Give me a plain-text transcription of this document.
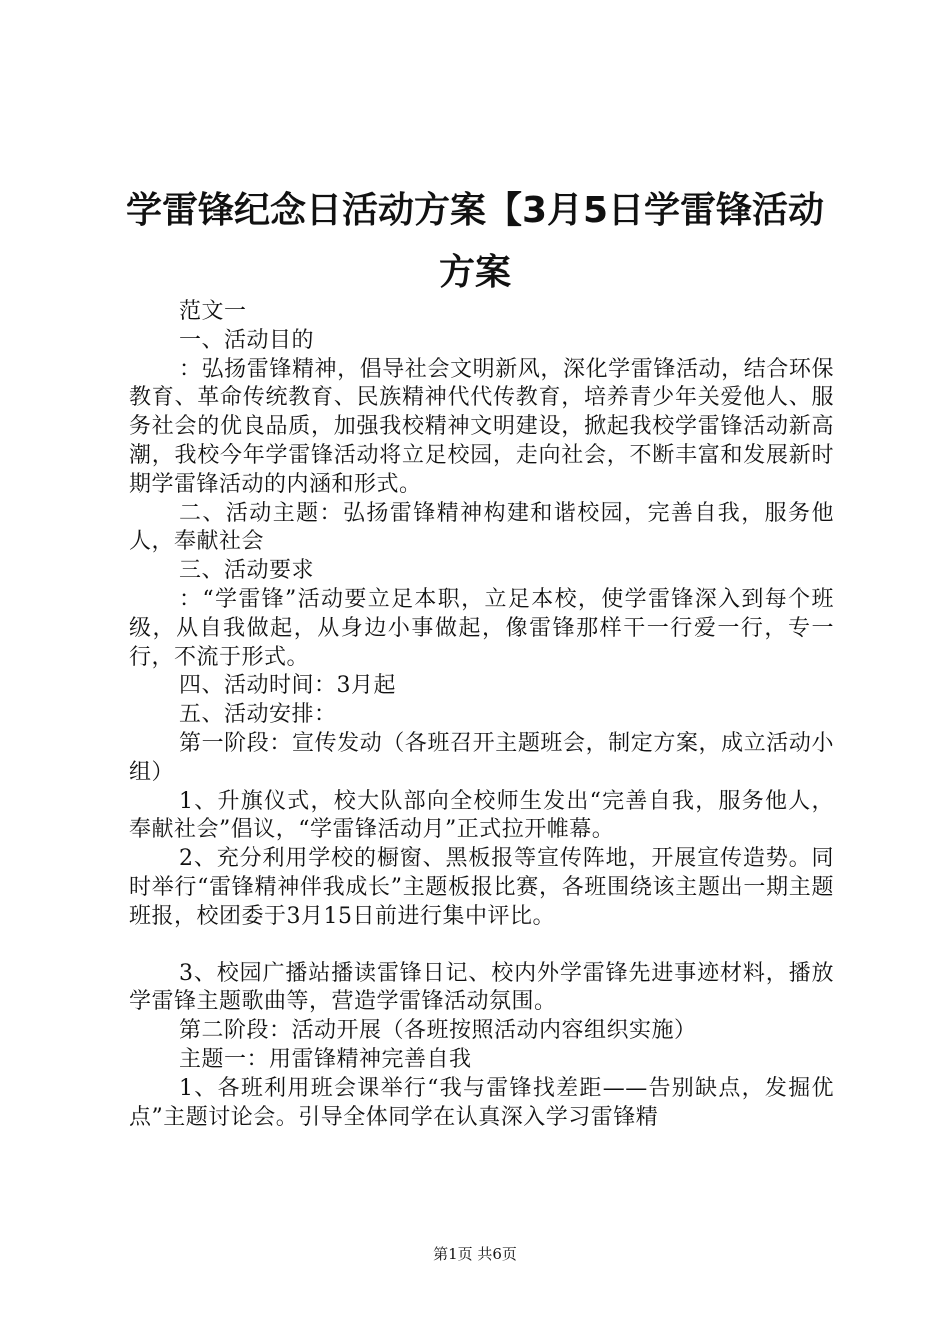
学雷锋纪念日活动方案【3月5日学雷锋活动
方案

范文一

一、活动目的

：弘扬雷锋精神，倡导社会文明新风，深化学雷锋活动，结合环保教育、革命传统教育、民族精神代代传教育，培养青少年关爱他人、服务社会的优良品质，加强我校精神文明建设，掀起我校学雷锋活动新高潮，我校今年学雷锋活动将立足校园，走向社会，不断丰富和发展新时期学雷锋活动的内涵和形式。

二、活动主题：弘扬雷锋精神构建和谐校园，完善自我，服务他人，奉献社会

三、活动要求

：“学雷锋”活动要立足本职，立足本校，使学雷锋深入到每个班级，从自我做起，从身边小事做起，像雷锋那样干一行爱一行，专一行，不流于形式。

四、活动时间：3月起

五、活动安排：

第一阶段：宣传发动（各班召开主题班会，制定方案，成立活动小组）

1、升旗仪式，校大队部向全校师生发出“完善自我，服务他人，奉献社会”倡议，“学雷锋活动月”正式拉开帷幕。

2、充分利用学校的橱窗、黑板报等宣传阵地，开展宣传造势。同时举行“雷锋精神伴我成长”主题板报比赛，各班围绕该主题出一期主题班报，校团委于3月15日前进行集中评比。

3、校园广播站播读雷锋日记、校内外学雷锋先进事迹材料，播放学雷锋主题歌曲等，营造学雷锋活动氛围。

第二阶段：活动开展（各班按照活动内容组织实施）

主题一：用雷锋精神完善自我

1、各班利用班会课举行“我与雷锋找差距——告别缺点，发掘优点”主题讨论会。引导全体同学在认真深入学习雷锋精

第1页 共6页
